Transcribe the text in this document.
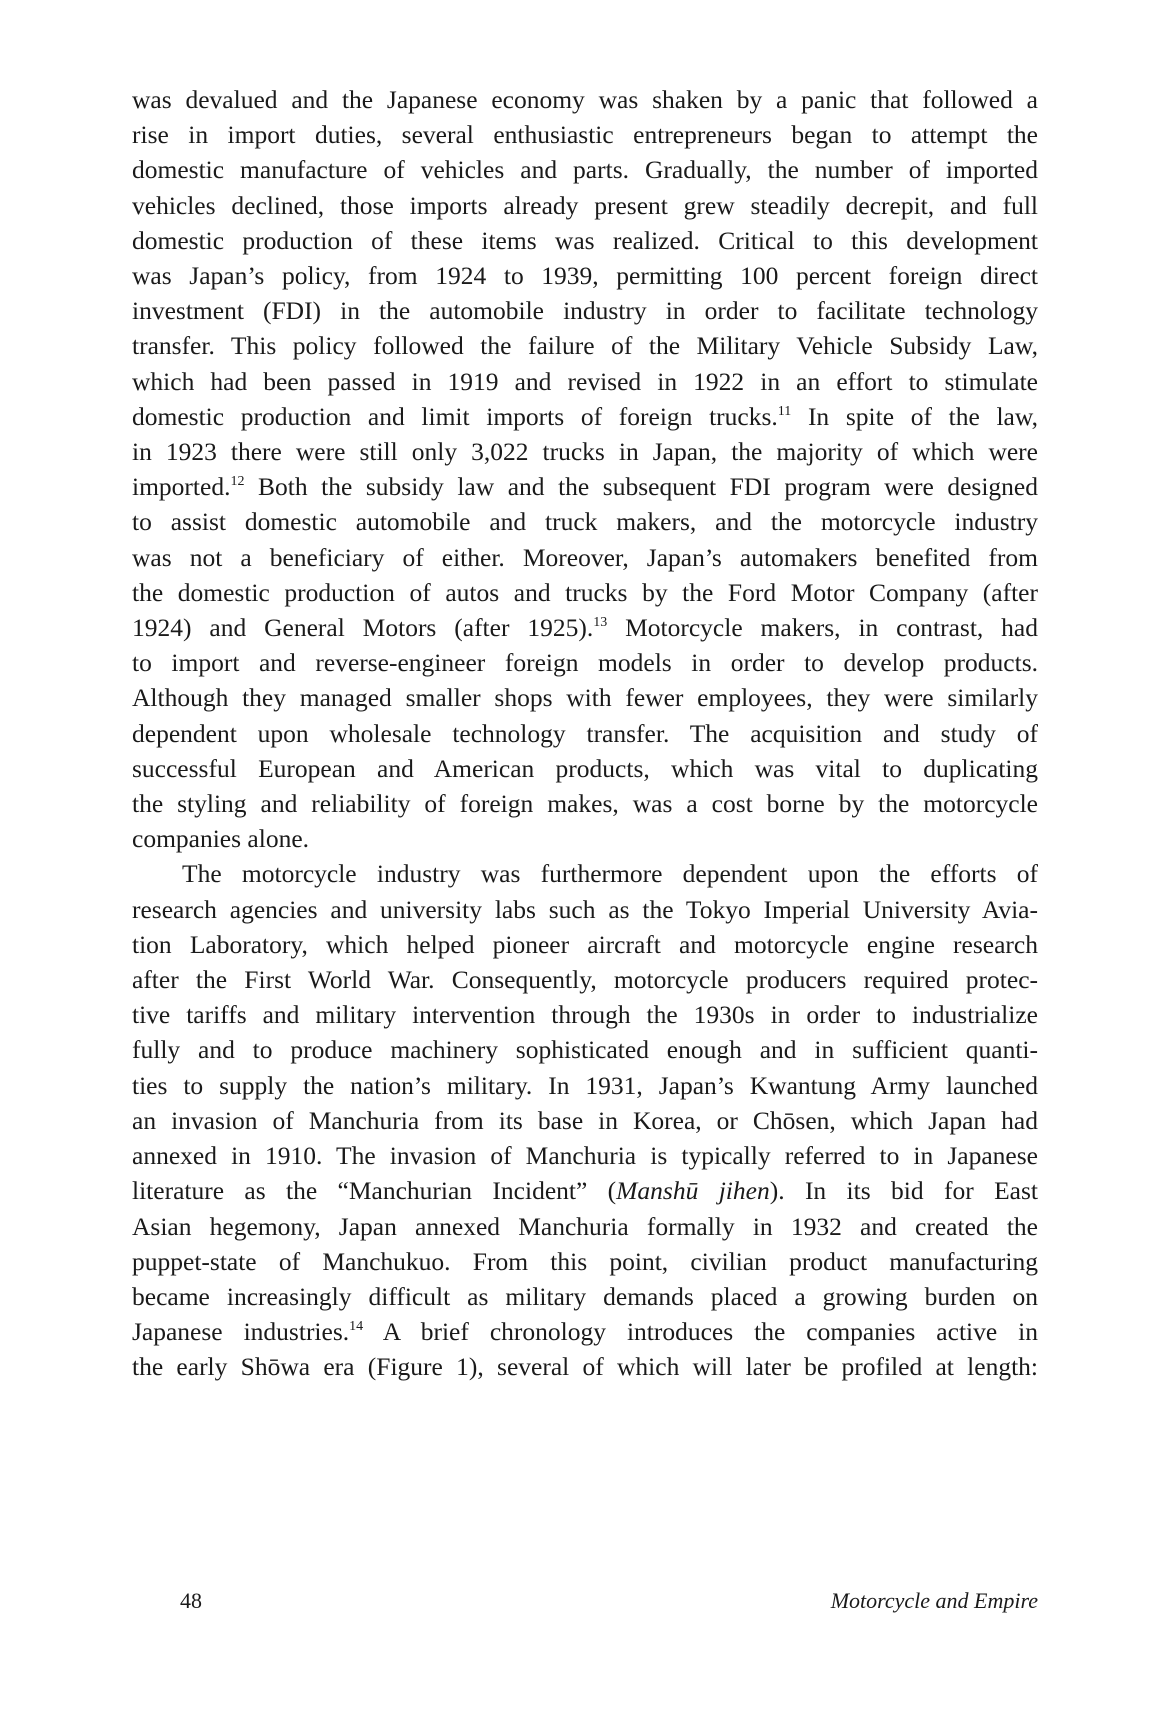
was devalued and the Japanese economy was shaken by a panic that followed a
rise in import duties, several enthusiastic entrepreneurs began to attempt the
domestic manufacture of vehicles and parts. Gradually, the number of imported
vehicles declined, those imports already present grew steadily decrepit, and full
domestic production of these items was realized. Critical to this development
was Japan’s policy, from 1924 to 1939, permitting 100 percent foreign direct
investment (FDI) in the automobile industry in order to facilitate technology
transfer. This policy followed the failure of the Military Vehicle Subsidy Law,
which had been passed in 1919 and revised in 1922 in an effort to stimulate
domestic production and limit imports of foreign trucks.$^{11}$ In spite of the law,
in 1923 there were still only 3,022 trucks in Japan, the majority of which were
imported.$^{12}$ Both the subsidy law and the subsequent FDI program were designed
to assist domestic automobile and truck makers, and the motorcycle industry
was not a beneficiary of either. Moreover, Japan’s automakers benefited from
the domestic production of autos and trucks by the Ford Motor Company (after
1924) and General Motors (after 1925).$^{13}$ Motorcycle makers, in contrast, had
to import and reverse-engineer foreign models in order to develop products.
Although they managed smaller shops with fewer employees, they were similarly
dependent upon wholesale technology transfer. The acquisition and study of
successful European and American products, which was vital to duplicating
the styling and reliability of foreign makes, was a cost borne by the motorcycle
companies alone.

The motorcycle industry was furthermore dependent upon the efforts of
research agencies and university labs such as the Tokyo Imperial University Avia-
tion Laboratory, which helped pioneer aircraft and motorcycle engine research
after the First World War. Consequently, motorcycle producers required protec-
tive tariffs and military intervention through the 1930s in order to industrialize
fully and to produce machinery sophisticated enough and in sufficient quanti-
ties to supply the nation’s military. In 1931, Japan’s Kwantung Army launched
an invasion of Manchuria from its base in Korea, or Chōsen, which Japan had
annexed in 1910. The invasion of Manchuria is typically referred to in Japanese
literature as the “Manchurian Incident” (Manshū jihen). In its bid for East
Asian hegemony, Japan annexed Manchuria formally in 1932 and created the
puppet-state of Manchukuo. From this point, civilian product manufacturing
became increasingly difficult as military demands placed a growing burden on
Japanese industries.$^{14}$ A brief chronology introduces the companies active in
the early Shōwa era (Figure 1), several of which will later be profiled at length:

48	Motorcycle and Empire
